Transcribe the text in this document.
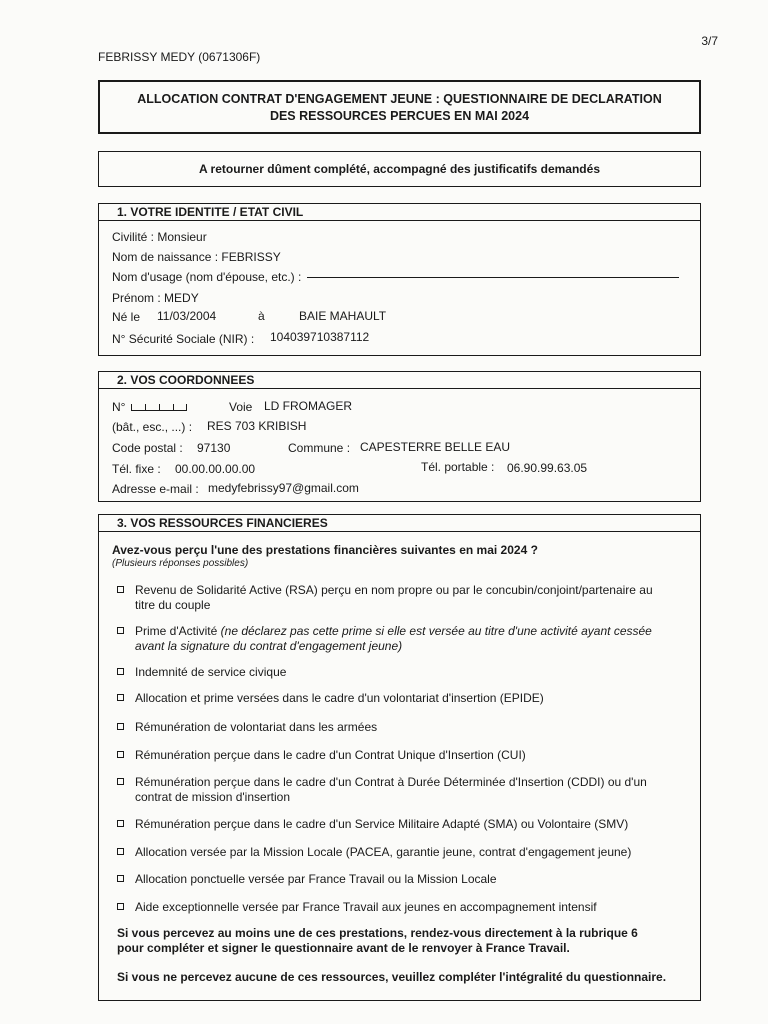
3/7
FEBRISSY MEDY (0671306F)
ALLOCATION CONTRAT D'ENGAGEMENT JEUNE : QUESTIONNAIRE DE DECLARATION
DES RESSOURCES PERCUES EN MAI 2024
A retourner dûment complété, accompagné des justificatifs demandés
1. VOTRE IDENTITE / ETAT CIVIL
Civilité : Monsieur
Nom de naissance : FEBRISSY
Nom d'usage (nom d'épouse, etc.) :
Prénom : MEDY
Né le 11/03/2004	à	BAIE MAHAULT
N° Sécurité Sociale (NIR) : 104039710387112
2. VOS COORDONNEES
N°	Voie LD FROMAGER
(bât., esc., ...) : RES 703 KRIBISH
Code postal : 97130	Commune : CAPESTERRE BELLE EAU
Tél. fixe : 00.00.00.00.00	Tél. portable : 06.90.99.63.05
Adresse e-mail : medyfebrissy97@gmail.com
3. VOS RESSOURCES FINANCIERES
Avez-vous perçu l'une des prestations financières suivantes en mai 2024 ?
(Plusieurs réponses possibles)
Revenu de Solidarité Active (RSA) perçu en nom propre ou par le concubin/conjoint/partenaire au
titre du couple
Prime d'Activité (ne déclarez pas cette prime si elle est versée au titre d'une activité ayant cessée
avant la signature du contrat d'engagement jeune)
Indemnité de service civique
Allocation et prime versées dans le cadre d'un volontariat d'insertion (EPIDE)
Rémunération de volontariat dans les armées
Rémunération perçue dans le cadre d'un Contrat Unique d'Insertion (CUI)
Rémunération perçue dans le cadre d'un Contrat à Durée Déterminée d'Insertion (CDDI) ou d'un
contrat de mission d'insertion
Rémunération perçue dans le cadre d'un Service Militaire Adapté (SMA) ou Volontaire (SMV)
Allocation versée par la Mission Locale (PACEA, garantie jeune, contrat d'engagement jeune)
Allocation ponctuelle versée par France Travail ou la Mission Locale
Aide exceptionnelle versée par France Travail aux jeunes en accompagnement intensif
Si vous percevez au moins une de ces prestations, rendez-vous directement à la rubrique 6
pour compléter et signer le questionnaire avant de le renvoyer à France Travail.
Si vous ne percevez aucune de ces ressources, veuillez compléter l'intégralité du questionnaire.
